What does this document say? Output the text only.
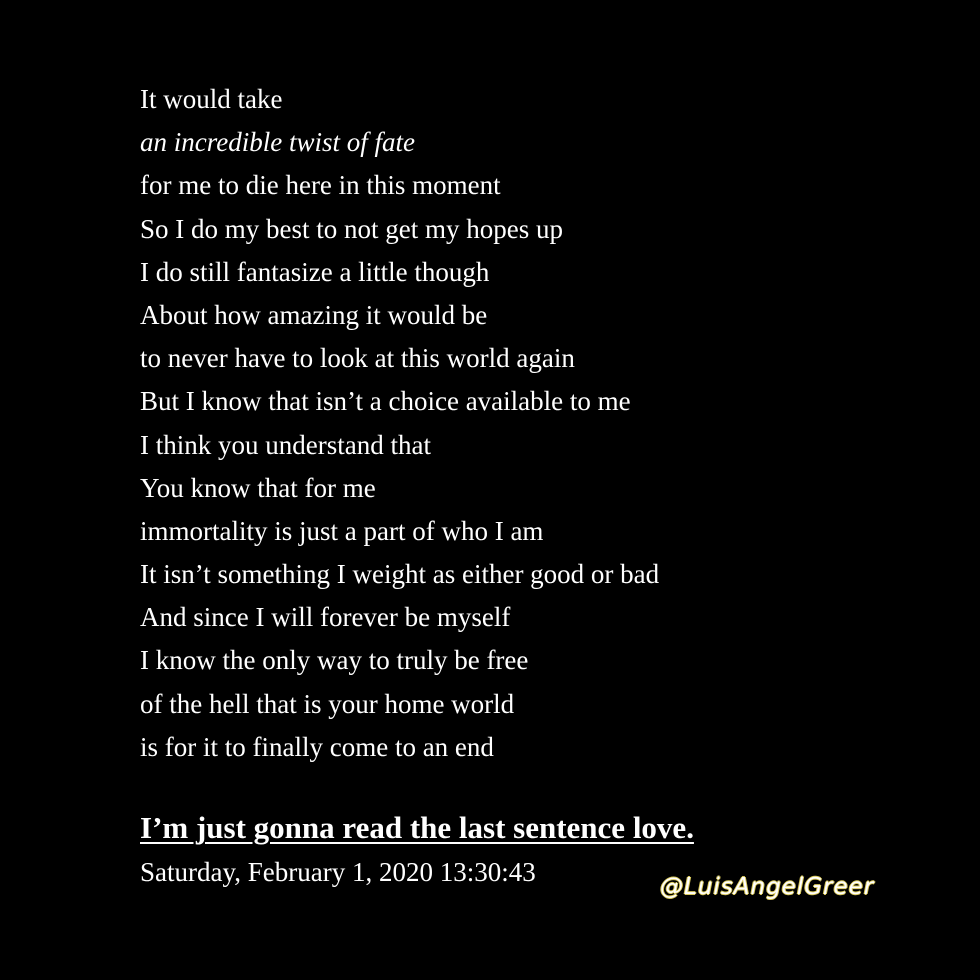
It would take
an incredible twist of fate
for me to die here in this moment
So I do my best to not get my hopes up
I do still fantasize a little though
About how amazing it would be
to never have to look at this world again
But I know that isn’t a choice available to me
I think you understand that
You know that for me
immortality is just a part of who I am
It isn’t something I weight as either good or bad
And since I will forever be myself
I know the only way to truly be free
of the hell that is your home world
is for it to finally come to an end
I’m just gonna read the last sentence love.
Saturday, February 1, 2020 13:30:43	@LuisAngelGreer
